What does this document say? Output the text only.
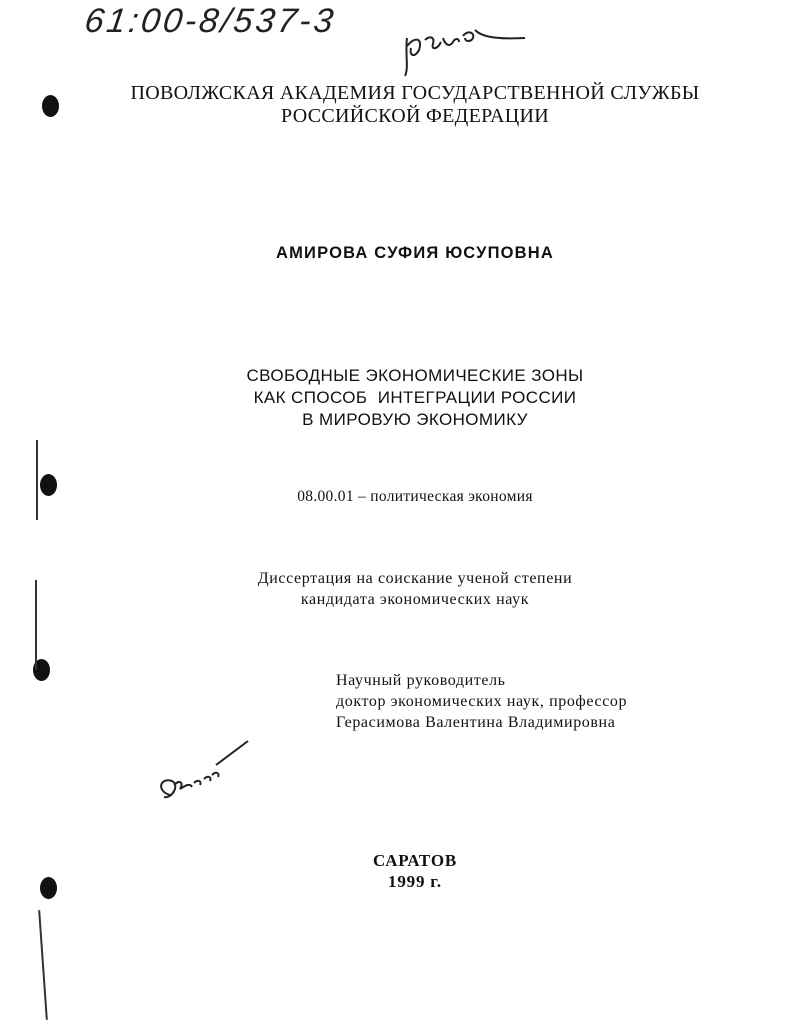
61:00-8/537-3
ПОВОЛЖСКАЯ АКАДЕМИЯ ГОСУДАРСТВЕННОЙ СЛУЖБЫ
РОССИЙСКОЙ ФЕДЕРАЦИИ
АМИРОВА СУФИЯ ЮСУПОВНА
СВОБОДНЫЕ ЭКОНОМИЧЕСКИЕ ЗОНЫ
КАК СПОСОБ  ИНТЕГРАЦИИ РОССИИ
В МИРОВУЮ ЭКОНОМИКУ
08.00.01 – политическая экономия
Диссертация на соискание ученой степени
кандидата экономических наук
Научный руководитель
доктор экономических наук, профессор
Герасимова Валентина Владимировна
САРАТОВ
1999 г.
